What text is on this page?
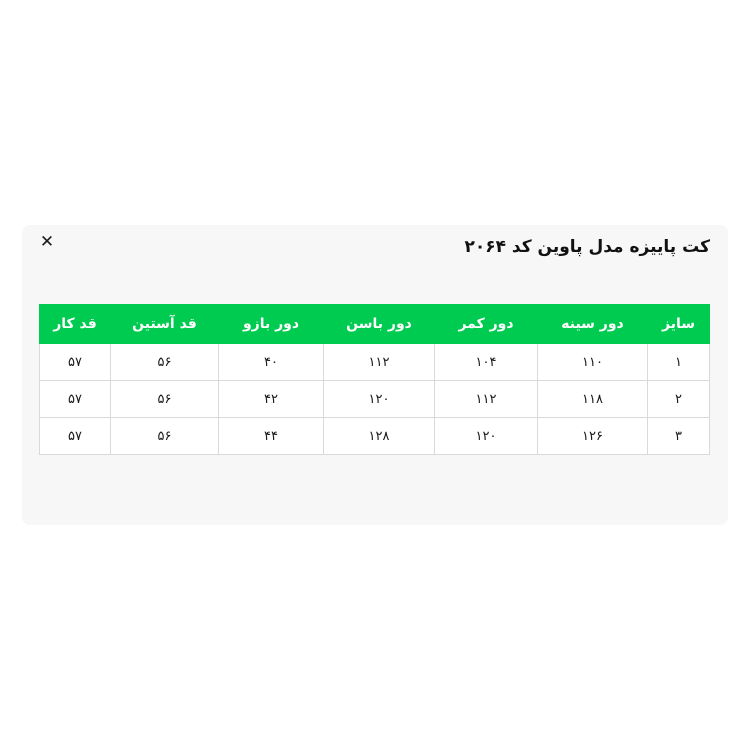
✕	کت پاییزه مدل پاوین کد ۲۰۶۴
سایز	دور سینه	دور کمر	دور باسن	دور بازو	قد آستین	قد کار
۱	۱۱۰	۱۰۴	۱۱۲	۴۰	۵۶	۵۷
۲	۱۱۸	۱۱۲	۱۲۰	۴۲	۵۶	۵۷
۳	۱۲۶	۱۲۰	۱۲۸	۴۴	۵۶	۵۷
